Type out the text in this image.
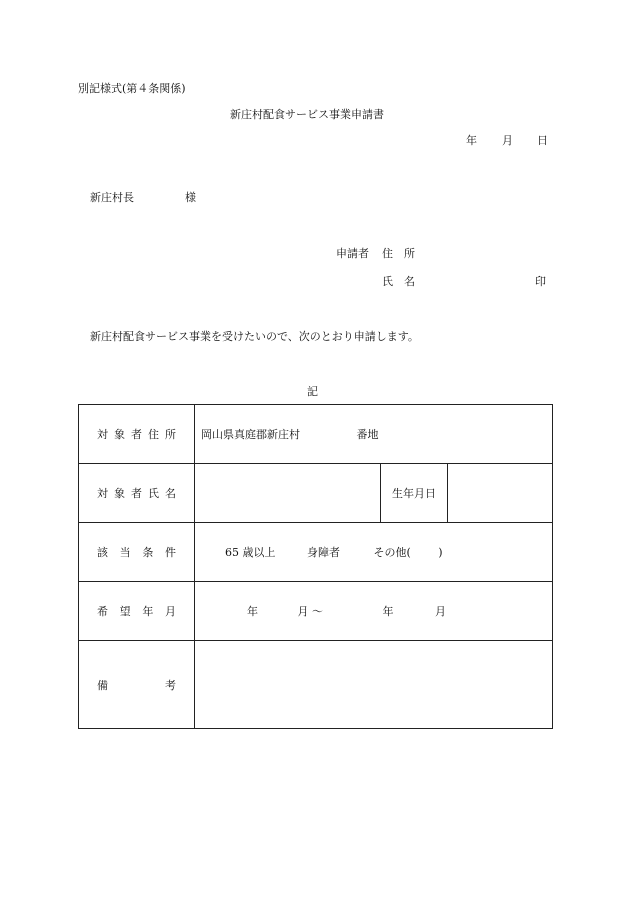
別記様式(第４条関係)
新庄村配食サービス事業申請書
年 月 日
新庄村長	様
申請者 住　所
氏　名	印
新庄村配食サービス事業を受けたいので、次のとおり申請します。
記
対 象 者 住 所	岡山県真庭郡新庄村 番地		

対 象 者 氏 名		生年月日	

該 当 条 件	65 歳以上 身障者 その他( )		

希 望 年 月	年 月 〜 年 月		

備 考			
